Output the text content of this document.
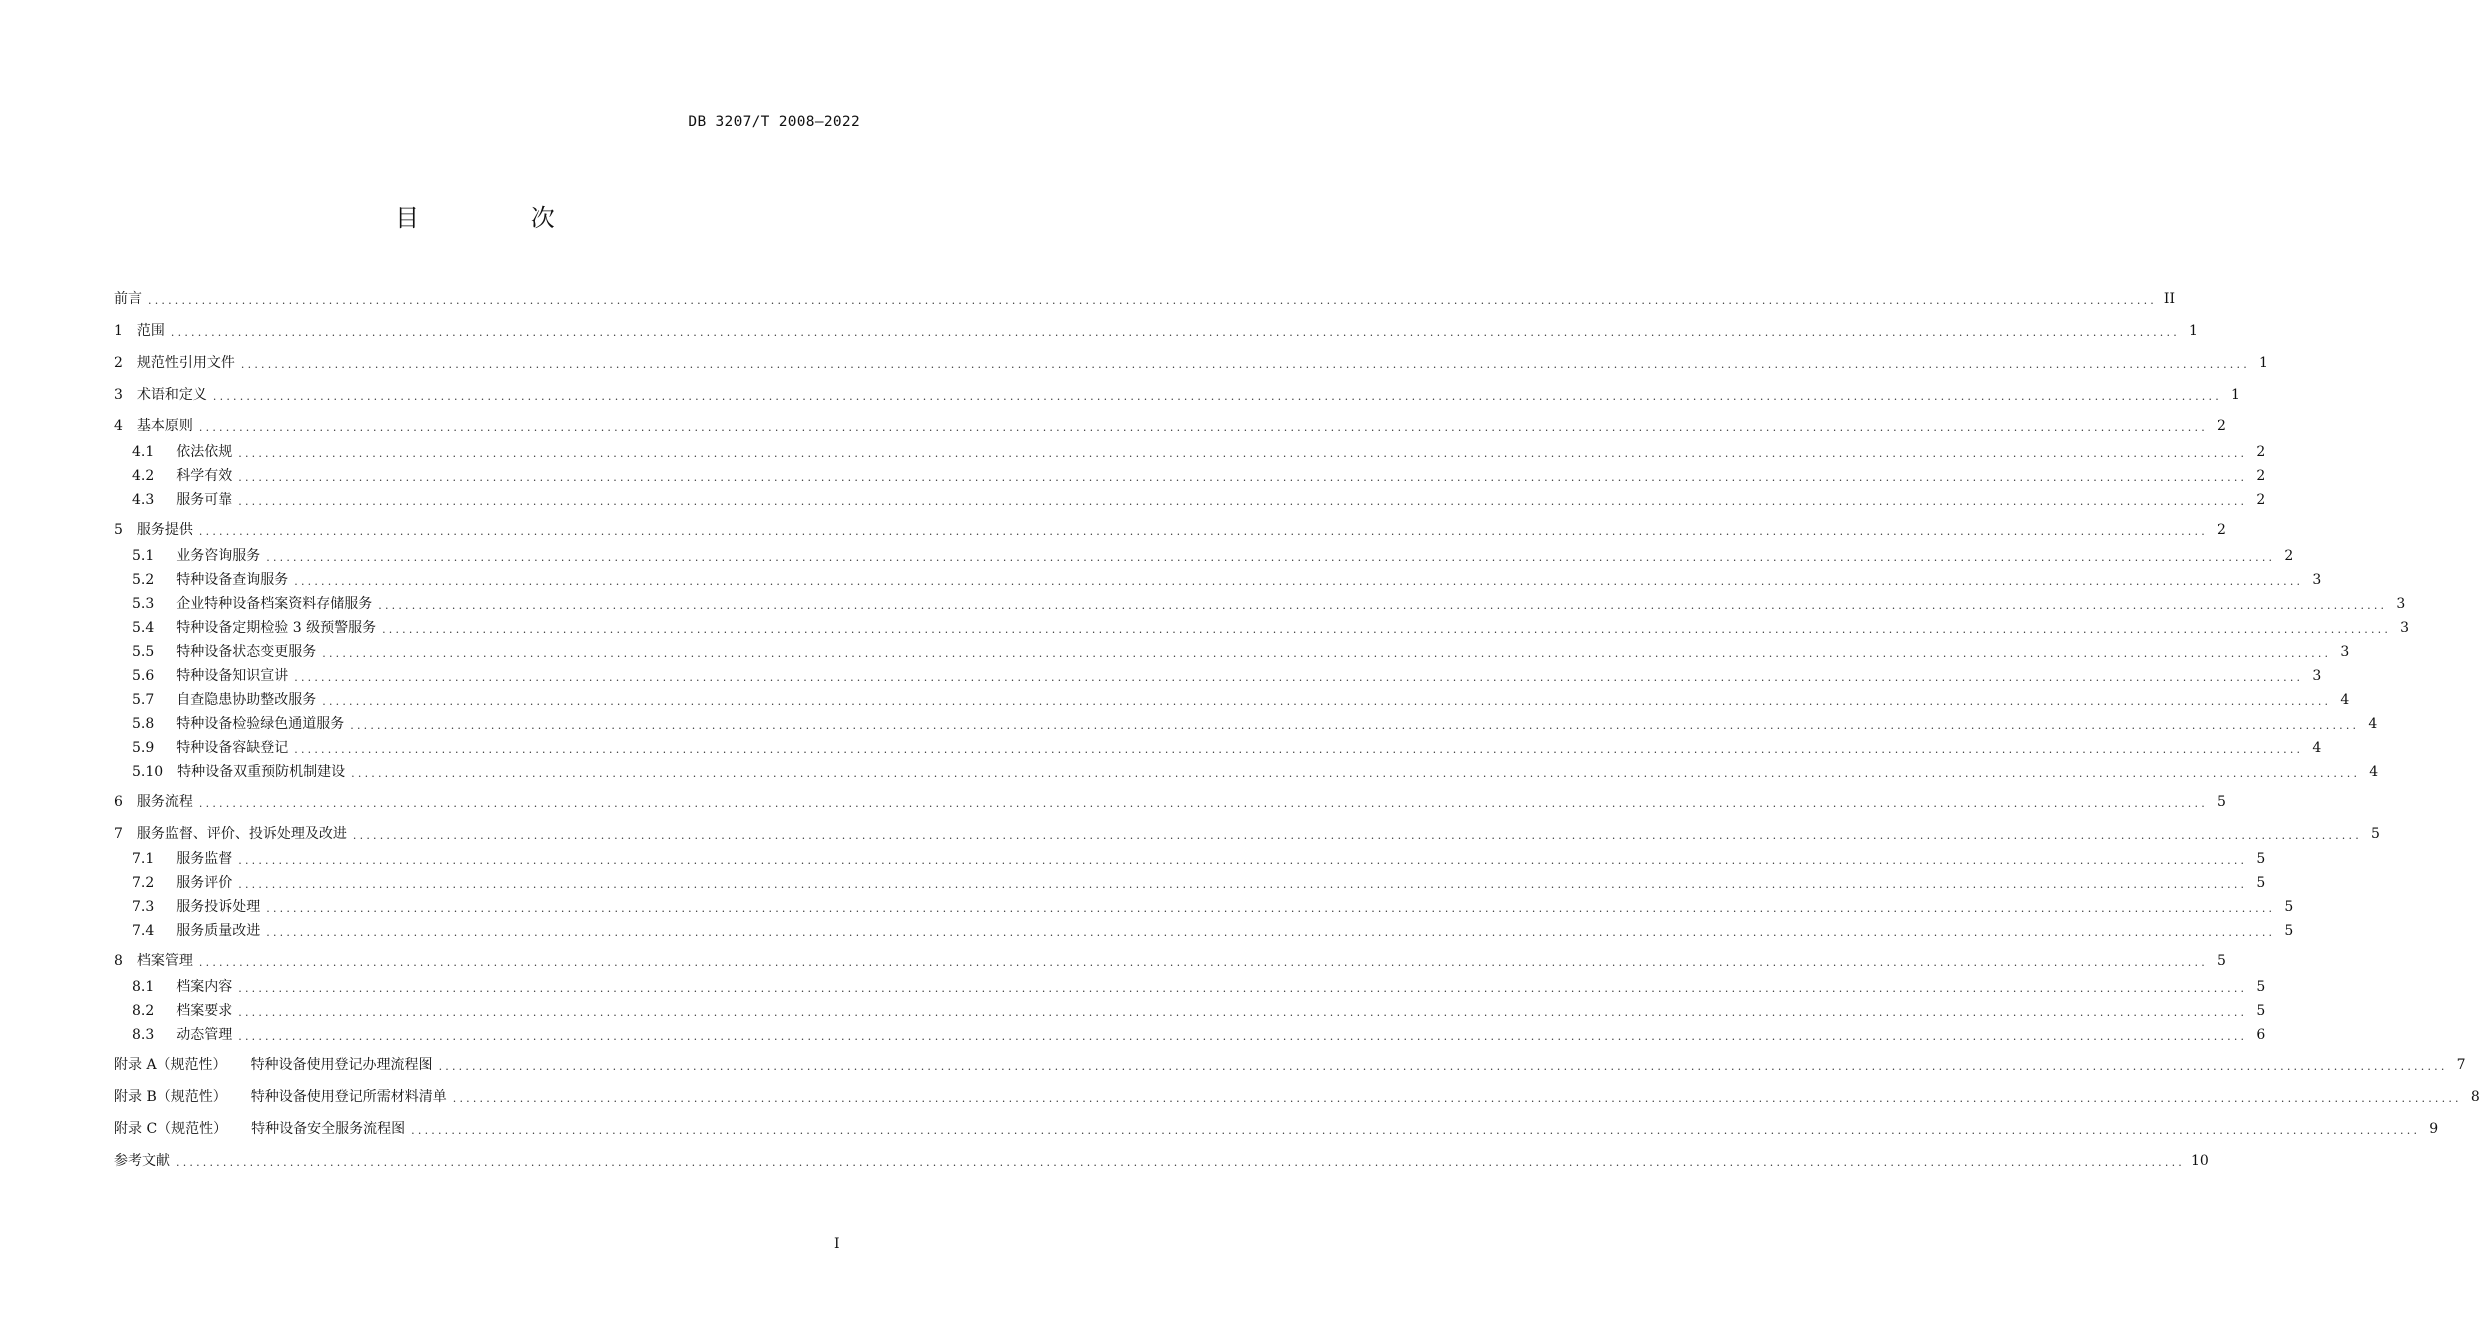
DB 3207/T 2008—2022
目 次
前言 ............................................................................................................................................................................................................................................................................................................ II
1 范围 ............................................................................................................................................................................................................................................................................................................ 1
2 规范性引用文件 ............................................................................................................................................................................................................................................................................................................ 1
3 术语和定义 ............................................................................................................................................................................................................................................................................................................ 1
4 基本原则 ............................................................................................................................................................................................................................................................................................................ 2
4.1 依法依规 ............................................................................................................................................................................................................................................................................................................ 2
4.2 科学有效 ............................................................................................................................................................................................................................................................................................................ 2
4.3 服务可靠 ............................................................................................................................................................................................................................................................................................................ 2
5 服务提供 ............................................................................................................................................................................................................................................................................................................ 2
5.1 业务咨询服务 ............................................................................................................................................................................................................................................................................................................ 2
5.2 特种设备查询服务 ............................................................................................................................................................................................................................................................................................................ 3
5.3 企业特种设备档案资料存储服务 ............................................................................................................................................................................................................................................................................................................ 3
5.4 特种设备定期检验 3 级预警服务 ............................................................................................................................................................................................................................................................................................................ 3
5.5 特种设备状态变更服务 ............................................................................................................................................................................................................................................................................................................ 3
5.6 特种设备知识宣讲 ............................................................................................................................................................................................................................................................................................................ 3
5.7 自查隐患协助整改服务 ............................................................................................................................................................................................................................................................................................................ 4
5.8 特种设备检验绿色通道服务 ............................................................................................................................................................................................................................................................................................................ 4
5.9 特种设备容缺登记 ............................................................................................................................................................................................................................................................................................................ 4
5.10 特种设备双重预防机制建设 ............................................................................................................................................................................................................................................................................................................ 4
6 服务流程 ............................................................................................................................................................................................................................................................................................................ 5
7 服务监督、评价、投诉处理及改进 ............................................................................................................................................................................................................................................................................................................ 5
7.1 服务监督 ............................................................................................................................................................................................................................................................................................................ 5
7.2 服务评价 ............................................................................................................................................................................................................................................................................................................ 5
7.3 服务投诉处理 ............................................................................................................................................................................................................................................................................................................ 5
7.4 服务质量改进 ............................................................................................................................................................................................................................................................................................................ 5
8 档案管理 ............................................................................................................................................................................................................................................................................................................ 5
8.1 档案内容 ............................................................................................................................................................................................................................................................................................................ 5
8.2 档案要求 ............................................................................................................................................................................................................................................................................................................ 5
8.3 动态管理 ............................................................................................................................................................................................................................................................................................................ 6
附录 A（规范性） 特种设备使用登记办理流程图 ............................................................................................................................................................................................................................................................................................................ 7
附录 B（规范性） 特种设备使用登记所需材料清单 ............................................................................................................................................................................................................................................................................................................ 8
附录 C（规范性） 特种设备安全服务流程图 ............................................................................................................................................................................................................................................................................................................ 9
参考文献 ............................................................................................................................................................................................................................................................................................................ 10
I
